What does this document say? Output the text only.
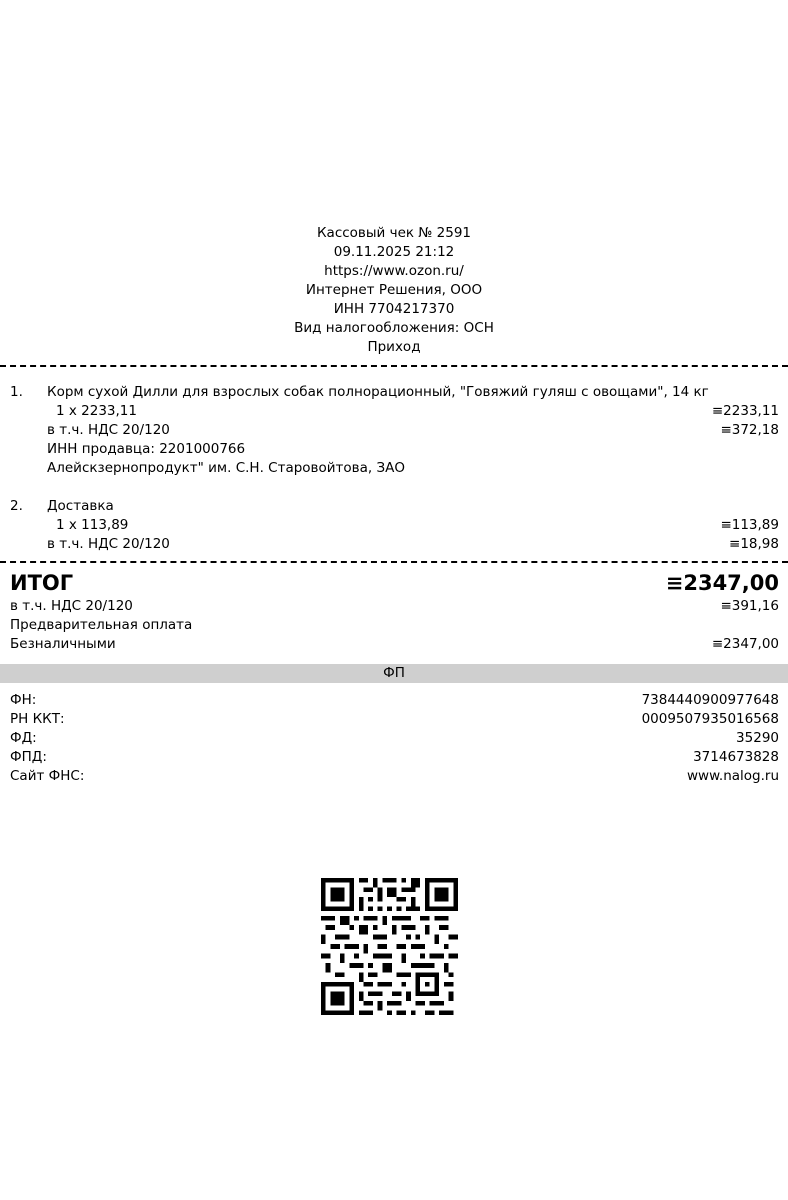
Кассовый чек № 2591
09.11.2025 21:12
https://www.ozon.ru/
Интернет Решения, ООО
ИНН 7704217370
Вид налогообложения: ОСН
Приход
1. Корм сухой Дилли для взрослых собак полнорационный, "Говяжий гуляш с овощами", 14 кг
1 x 2233,11	≡2233,11
в т.ч. НДС 20/120	≡372,18
ИНН продавца: 2201000766
Алейскзернопродукт" им. С.Н. Старовойтова, ЗАО
2. Доставка
1 x 113,89	≡113,89
в т.ч. НДС 20/120	≡18,98
ИТОГ	≡2347,00
в т.ч. НДС 20/120	≡391,16
Предварительная оплата
Безналичными	≡2347,00
ФП
ФН:	7384440900977648
РН ККТ:	0009507935016568
ФД:	35290
ФПД:	3714673828
Сайт ФНС:	www.nalog.ru
